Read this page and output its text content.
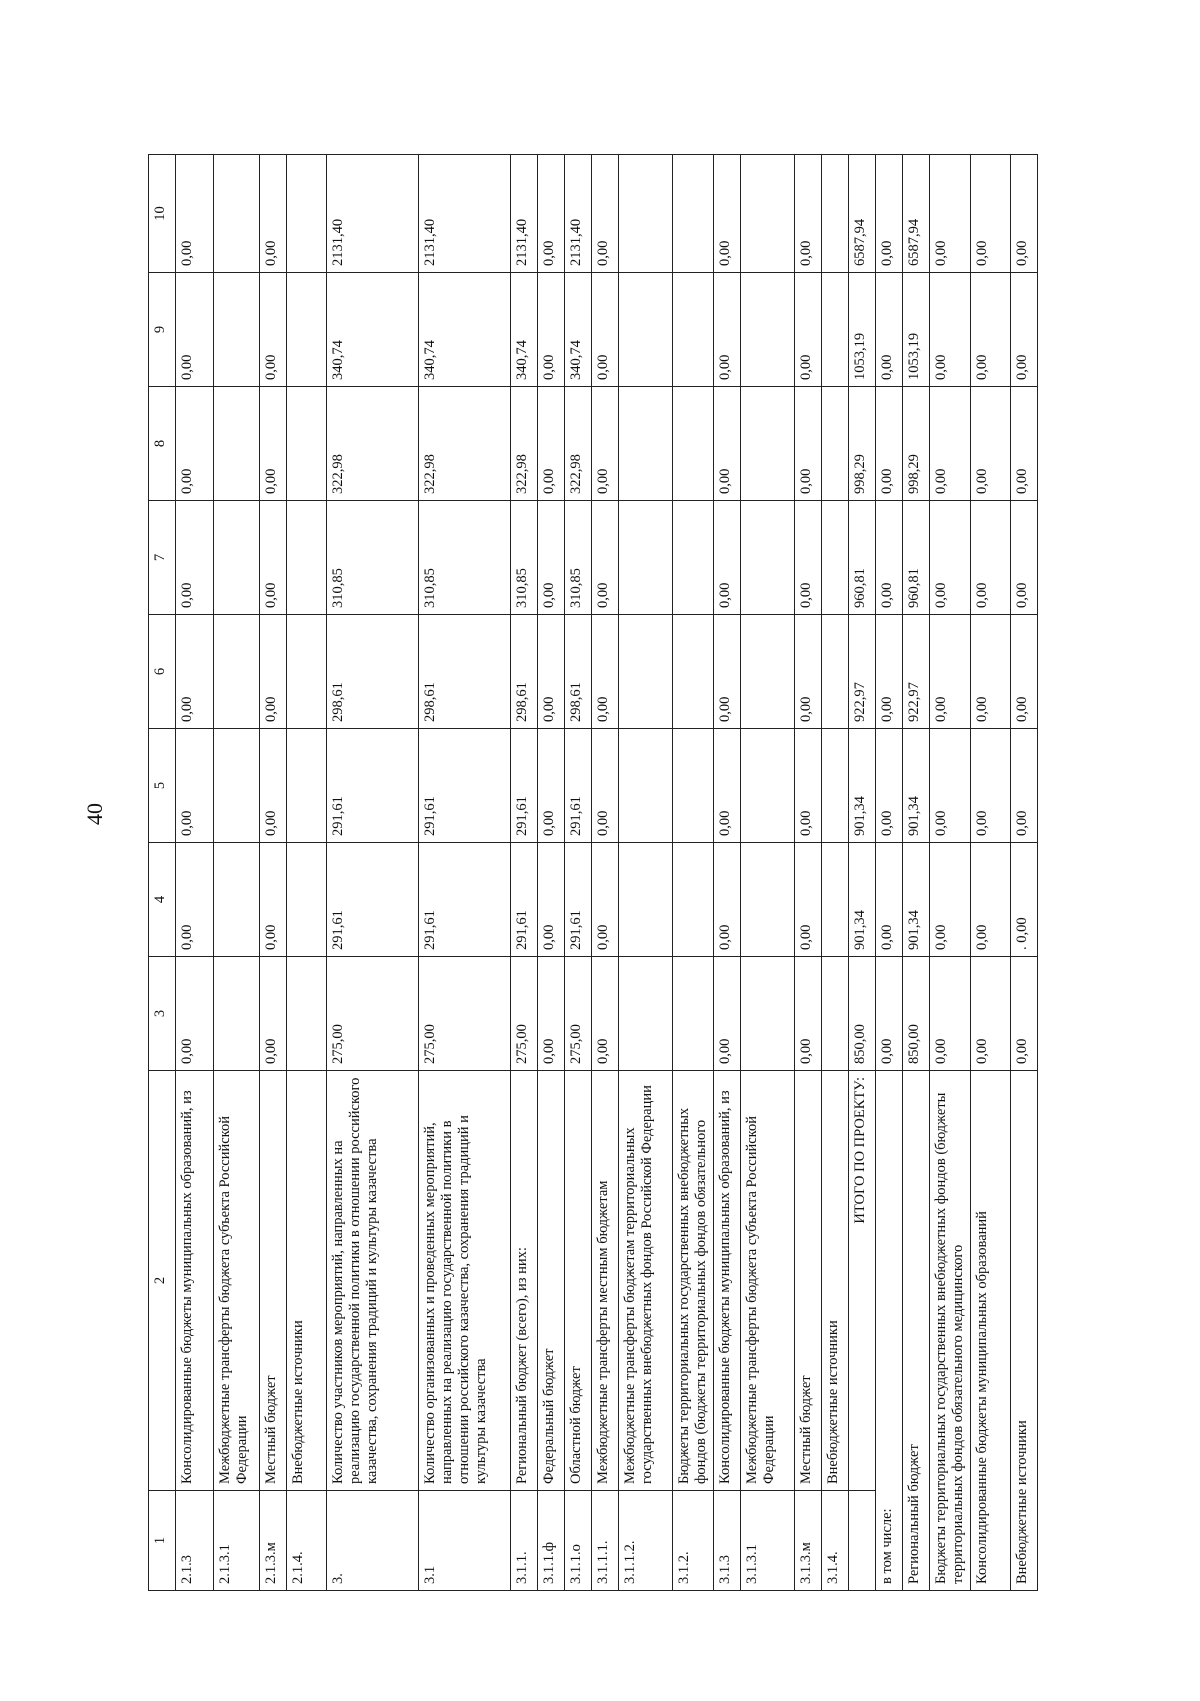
40
1	2	3	4	5	6	7	8	9	10
2.1.3	Консолидированные бюджеты муниципальных образований, из	0,00	0,00	0,00	0,00	0,00	0,00	0,00	0,00
2.1.3.1	Межбюджетные трансферты бюджета субъекта Российской Федерации								
2.1.3.м	Местный бюджет	0,00	0,00	0,00	0,00	0,00	0,00	0,00	0,00
2.1.4.	Внебюджетные источники								
3.	Количество участников мероприятий, направленных на реализацию государственной политики в отношении российского казачества, сохранения традиций и культуры казачества	275,00	291,61	291,61	298,61	310,85	322,98	340,74	2131,40
3.1	Количество организованных и проведенных мероприятий, направленных на реализацию государственной политики в отношении российского казачества, сохранения традиций и культуры казачества	275,00	291,61	291,61	298,61	310,85	322,98	340,74	2131,40
3.1.1.	Региональный бюджет (всего), из них:	275,00	291,61	291,61	298,61	310,85	322,98	340,74	2131,40
3.1.1.ф	Федеральный бюджет	0,00	0,00	0,00	0,00	0,00	0,00	0,00	0,00
3.1.1.о	Областной бюджет	275,00	291,61	291,61	298,61	310,85	322,98	340,74	2131,40
3.1.1.1.	Межбюджетные трансферты местным бюджетам	0,00	0,00	0,00	0,00	0,00	0,00	0,00	0,00
3.1.1.2.	Межбюджетные трансферты бюджетам территориальных государственных внебюджетных фондов Российской Федерации								
3.1.2.	Бюджеты территориальных государственных внебюджетных фондов (бюджеты территориальных фондов обязательного								
3.1.3	Консолидированные бюджеты муниципальных образований, из	0,00	0,00	0,00	0,00	0,00	0,00	0,00	0,00
3.1.3.1	Межбюджетные трансферты бюджета субъекта Российской Федерации								
3.1.3.м	Местный бюджет	0,00	0,00	0,00	0,00	0,00	0,00	0,00	0,00
3.1.4.	Внебюджетные источники								
	ИТОГО ПО ПРОЕКТУ:	850,00	901,34	901,34	922,97	960,81	998,29	1053,19	6587,94
в том числе:		0,00	0,00	0,00	0,00	0,00	0,00	0,00	0,00
Региональный бюджет		850,00	901,34	901,34	922,97	960,81	998,29	1053,19	6587,94
Бюджеты территориальных государственных внебюджетных фондов (бюджеты территориальных фондов обязательного медицинского		0,00	0,00	0,00	0,00	0,00	0,00	0,00	0,00
Консолидированные бюджеты муниципальных образований		0,00	0,00	0,00	0,00	0,00	0,00	0,00	0,00
Внебюджетные источники		0,00	. 0,00	0,00	0,00	0,00	0,00	0,00	0,00
